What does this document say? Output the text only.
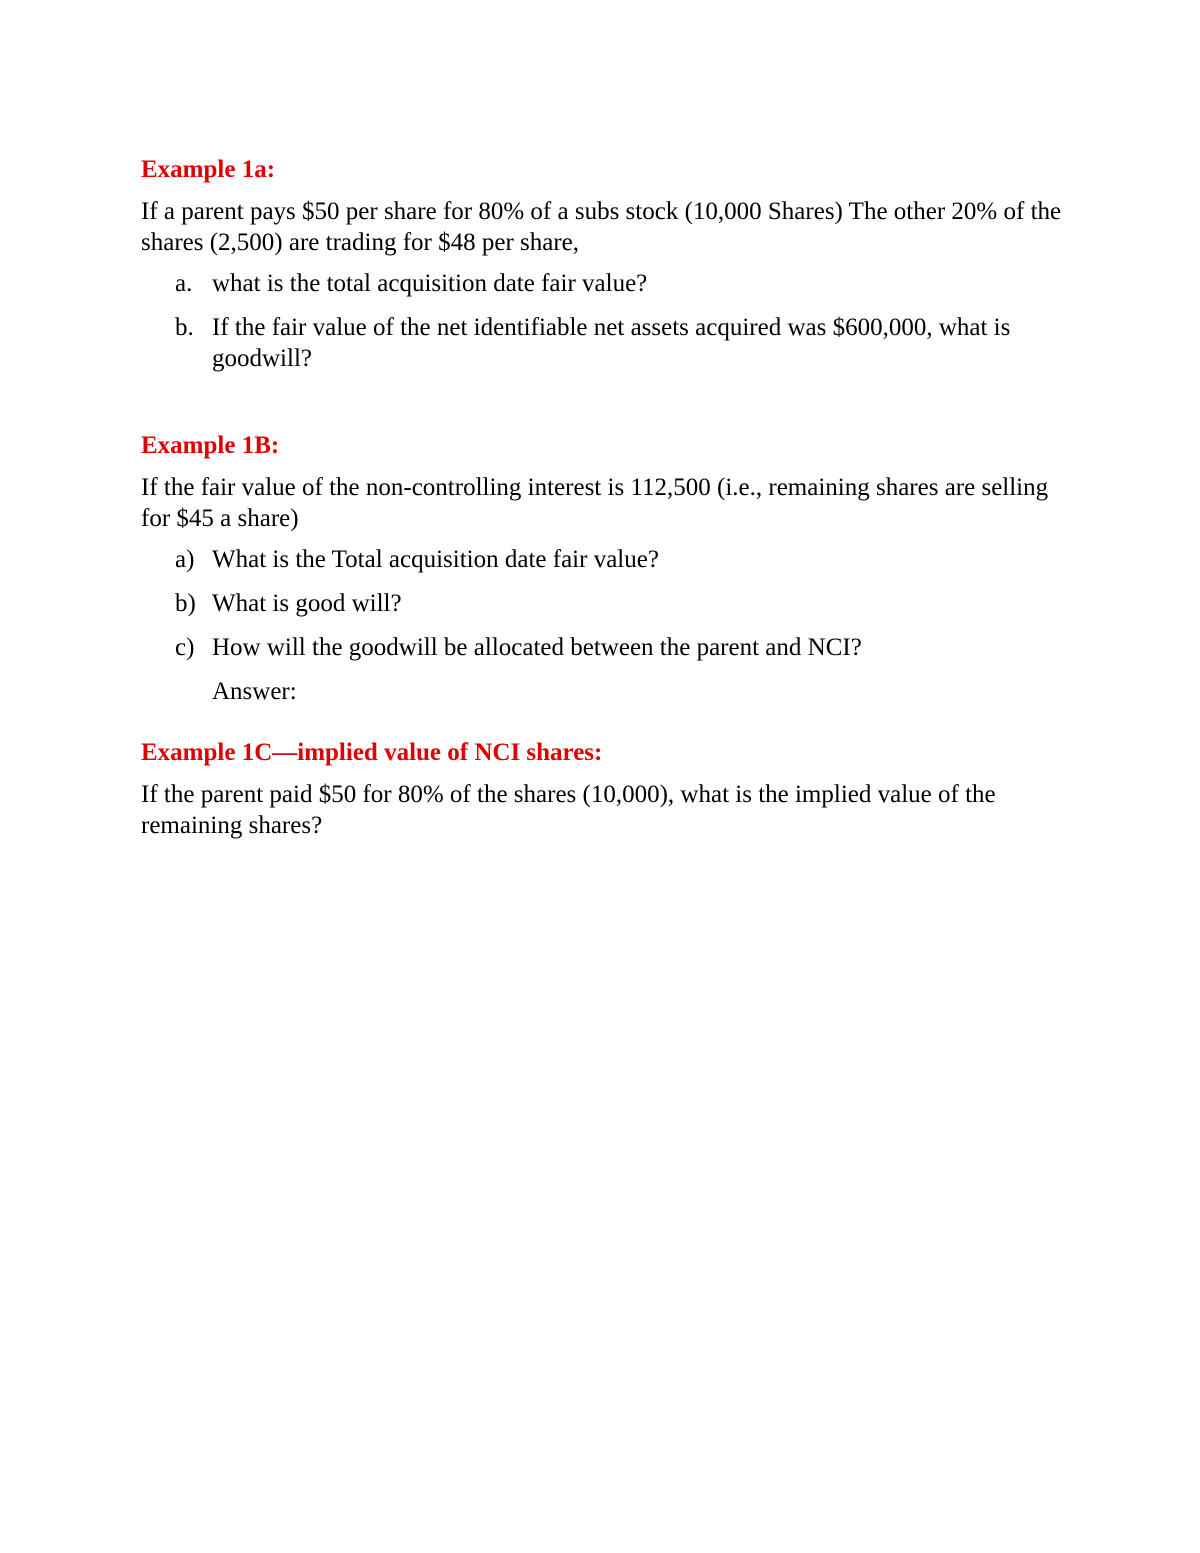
Example 1a:

If a parent pays $50 per share for 80% of a subs stock (10,000 Shares) The other 20% of the shares (2,500) are trading for $48 per share,

a. what is the total acquisition date fair value?
b. If the fair value of the net identifiable net assets acquired was $600,000, what is goodwill?

Example 1B:

If the fair value of the non-controlling interest is 112,500 (i.e., remaining shares are selling for $45 a share)

a) What is the Total acquisition date fair value?
b) What is good will?
c) How will the goodwill be allocated between the parent and NCI?

Answer:

Example 1C—implied value of NCI shares:

If the parent paid $50 for 80% of the shares (10,000), what is the implied value of the remaining shares?
